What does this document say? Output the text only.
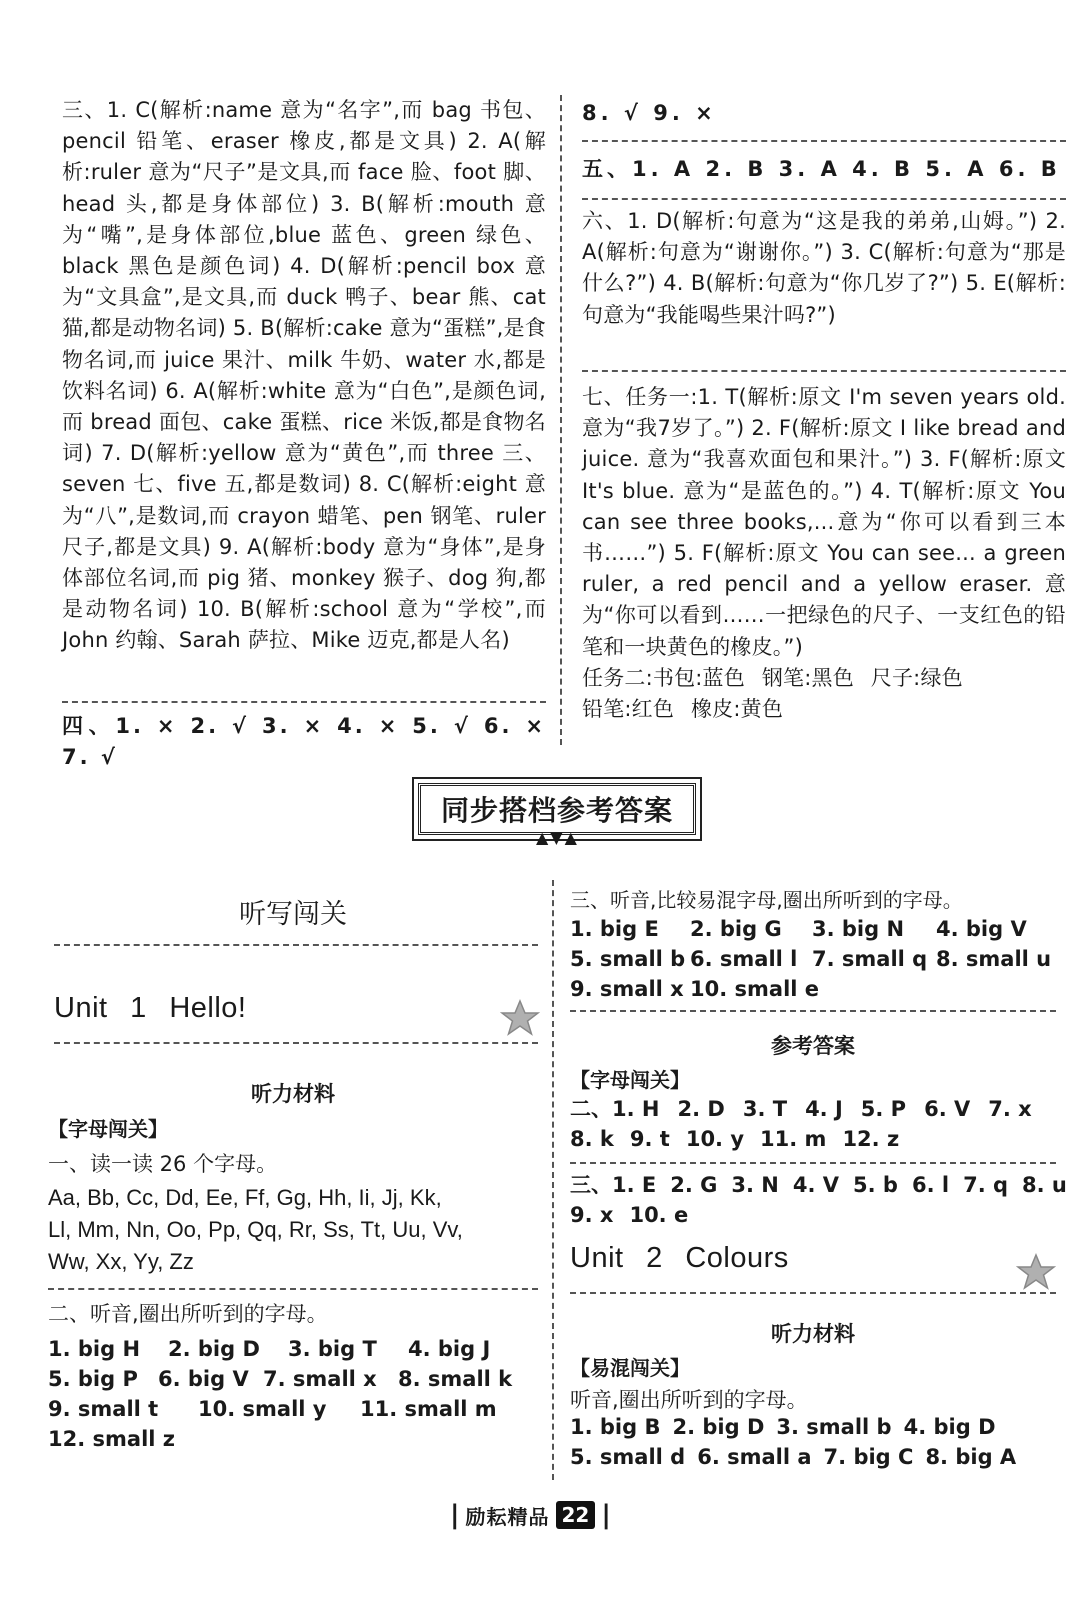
三、1. C(解析:name 意为“名字”,而 bag 书包、pencil 铅笔、eraser 橡皮,都是文具) 2. A(解析:ruler 意为“尺子”是文具,而 face 脸、foot 脚、head 头,都是身体部位) 3. B(解析:mouth 意为“嘴”,是身体部位,blue 蓝色、green 绿色、black 黑色是颜色词) 4. D(解析:pencil box 意为“文具盒”,是文具,而 duck 鸭子、bear 熊、cat 猫,都是动物名词) 5. B(解析:cake 意为“蛋糕”,是食物名词,而 juice 果汁、milk 牛奶、water 水,都是饮料名词) 6. A(解析:white 意为“白色”,是颜色词,而 bread 面包、cake 蛋糕、rice 米饭,都是食物名词) 7. D(解析:yellow 意为“黄色”,而 three 三、seven 七、five 五,都是数词) 8. C(解析:eight 意为“八”,是数词,而 crayon 蜡笔、pen 钢笔、ruler 尺子,都是文具) 9. A(解析:body 意为“身体”,是身体部位名词,而 pig 猪、monkey 猴子、dog 狗,都是动物名词) 10. B(解析:school 意为“学校”,而 John 约翰、Sarah 萨拉、Mike 迈克,都是人名)

四、1. × 2. √ 3. × 4. × 5. √ 6. × 7. √

8. √ 9. ×

五、1. A 2. B 3. A 4. B 5. A 6. B

六、1. D(解析:句意为“这是我的弟弟,山姆。”) 2. A(解析:句意为“谢谢你。”) 3. C(解析:句意为“那是什么?”) 4. B(解析:句意为“你几岁了?”) 5. E(解析:句意为“我能喝些果汁吗?”)

七、任务一:1. T(解析:原文 I'm seven years old. 意为“我7岁了。”) 2. F(解析:原文 I like bread and juice. 意为“我喜欢面包和果汁。”) 3. F(解析:原文 It's blue. 意为“是蓝色的。”) 4. T(解析:原文 You can see three books,...意为“你可以看到三本书……”) 5. F(解析:原文 You can see... a green ruler, a red pencil and a yellow eraser. 意为“你可以看到……一把绿色的尺子、一支红色的铅笔和一块黄色的橡皮。”)

任务二:书包:蓝色 钢笔:黑色 尺子:绿色

铅笔:红色 橡皮:黄色

同步搭档参考答案
▲▼▲
听写闯关
Unit 1 Hello!
听力材料
【字母闯关】
一、读一读 26 个字母。
Aa, Bb, Cc, Dd, Ee, Ff, Gg, Hh, Ii, Jj, Kk,
Ll, Mm, Nn, Oo, Pp, Qq, Rr, Ss, Tt, Uu, Vv,
Ww, Xx, Yy, Zz
二、听音,圈出所听到的字母。
1. big H	2. big D	3. big T	4. big J
5. big P 6. big V 7. small x	8. small k
9. small t	10. small y	11. small m
12. small z
三、听音,比较易混字母,圈出所听到的字母。
1. big E	2. big G	3. big N	4. big V
5. small b 6. small l 7. small q 8. small u
9. small x 10. small e
参考答案
【字母闯关】
二、1. H 2. D 3. T 4. J 5. P 6. V 7. x
8. k 9. t 10. y 11. m 12. z
三、1. E 2. G 3. N 4. V 5. b 6. l 7. q 8. u
9. x 10. e
Unit 2 Colours
听力材料
【易混闯关】
听音,圈出所听到的字母。
1. big B 2. big D 3. small b 4. big D
5. small d 6. small a 7. big C 8. big A
| 励耘精品 22 |
